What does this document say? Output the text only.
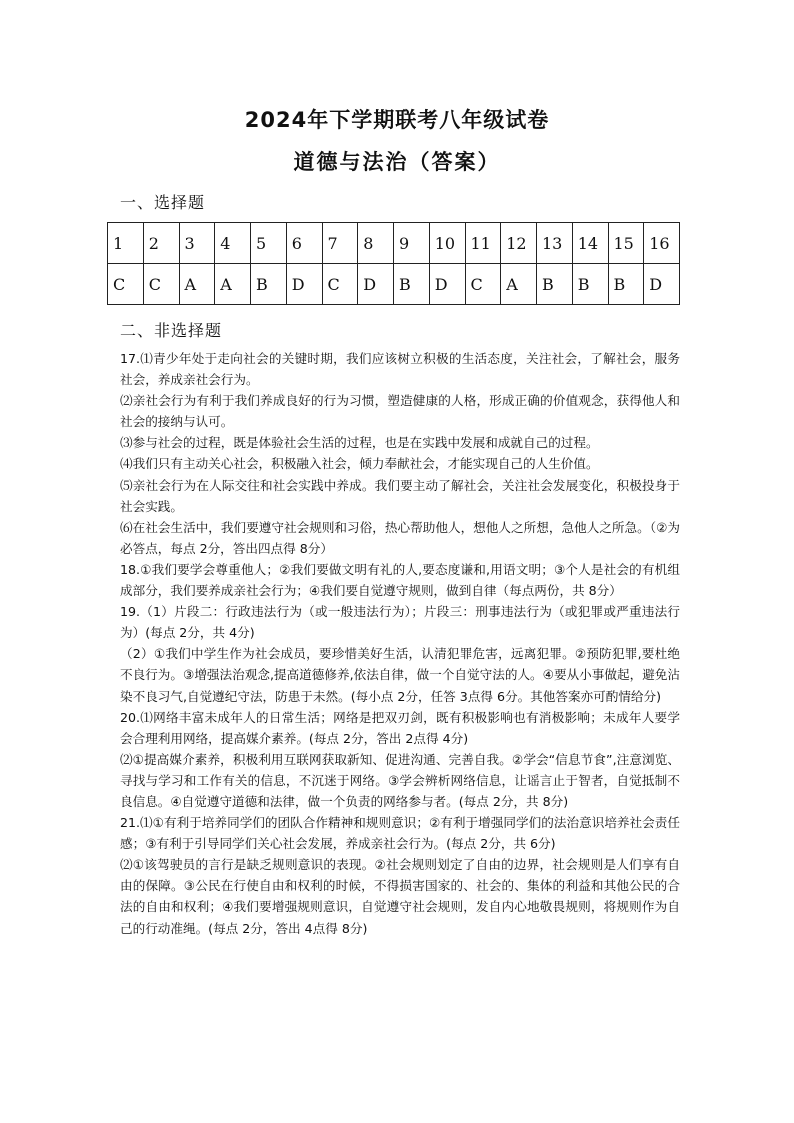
2024年下学期联考八年级试卷
道德与法治（答案）
一、选择题
1	2	3	4	5	6	7	8	9	10	11	12	13	14	15	16
C	C	A	A	B	D	C	D	B	D	C	A	B	B	B	D
二、非选择题

17.⑴青少年处于走向社会的关键时期，我们应该树立积极的生活态度，关注社会，了解社会，服务社会，养成亲社会行为。

⑵亲社会行为有利于我们养成良好的行为习惯，塑造健康的人格，形成正确的价值观念，获得他人和社会的接纳与认可。

⑶参与社会的过程，既是体验社会生活的过程，也是在实践中发展和成就自己的过程。

⑷我们只有主动关心社会，积极融入社会，倾力奉献社会，才能实现自己的人生价值。

⑸亲社会行为在人际交往和社会实践中养成。我们要主动了解社会，关注社会发展变化，积极投身于社会实践。

⑹在社会生活中，我们要遵守社会规则和习俗，热心帮助他人，想他人之所想，急他人之所急。（②为必答点，每点 2分，答出四点得 8分）

18.①我们要学会尊重他人；②我们要做文明有礼的人,要态度谦和,用语文明；③个人是社会的有机组成部分，我们要养成亲社会行为；④我们要自觉遵守规则，做到自律（每点两份，共 8分）

19.（1）片段二：行政违法行为（或一般违法行为）；片段三：刑事违法行为（或犯罪或严重违法行为）(每点 2分，共 4分)

（2）①我们中学生作为社会成员，要珍惜美好生活，认清犯罪危害，远离犯罪。②预防犯罪,要杜绝不良行为。③增强法治观念,提高道德修养,依法自律，做一个自觉守法的人。④要从小事做起，避免沾染不良习气,自觉遵纪守法，防患于未然。(每小点 2分，任答 3点得 6分。其他答案亦可酌情给分)

20.⑴网络丰富未成年人的日常生活；网络是把双刃剑，既有积极影响也有消极影响；未成年人要学会合理利用网络，提高媒介素养。(每点 2分，答出 2点得 4分)

⑵①提高媒介素养，积极利用互联网获取新知、促进沟通、完善自我。②学会“信息节食”,注意浏览、寻找与学习和工作有关的信息，不沉迷于网络。③学会辨析网络信息，让谣言止于智者，自觉抵制不良信息。④自觉遵守道德和法律，做一个负责的网络参与者。(每点 2分，共 8分)

21.⑴①有利于培养同学们的团队合作精神和规则意识；②有利于增强同学们的法治意识培养社会责任感；③有利于引导同学们关心社会发展，养成亲社会行为。(每点 2分，共 6分)

⑵①该驾驶员的言行是缺乏规则意识的表现。②社会规则划定了自由的边界，社会规则是人们享有自由的保障。③公民在行使自由和权利的时候，不得损害国家的、社会的、集体的利益和其他公民的合法的自由和权利；④我们要增强规则意识，自觉遵守社会规则，发自内心地敬畏规则，将规则作为自己的行动准绳。(每点 2分，答出 4点得 8分)
